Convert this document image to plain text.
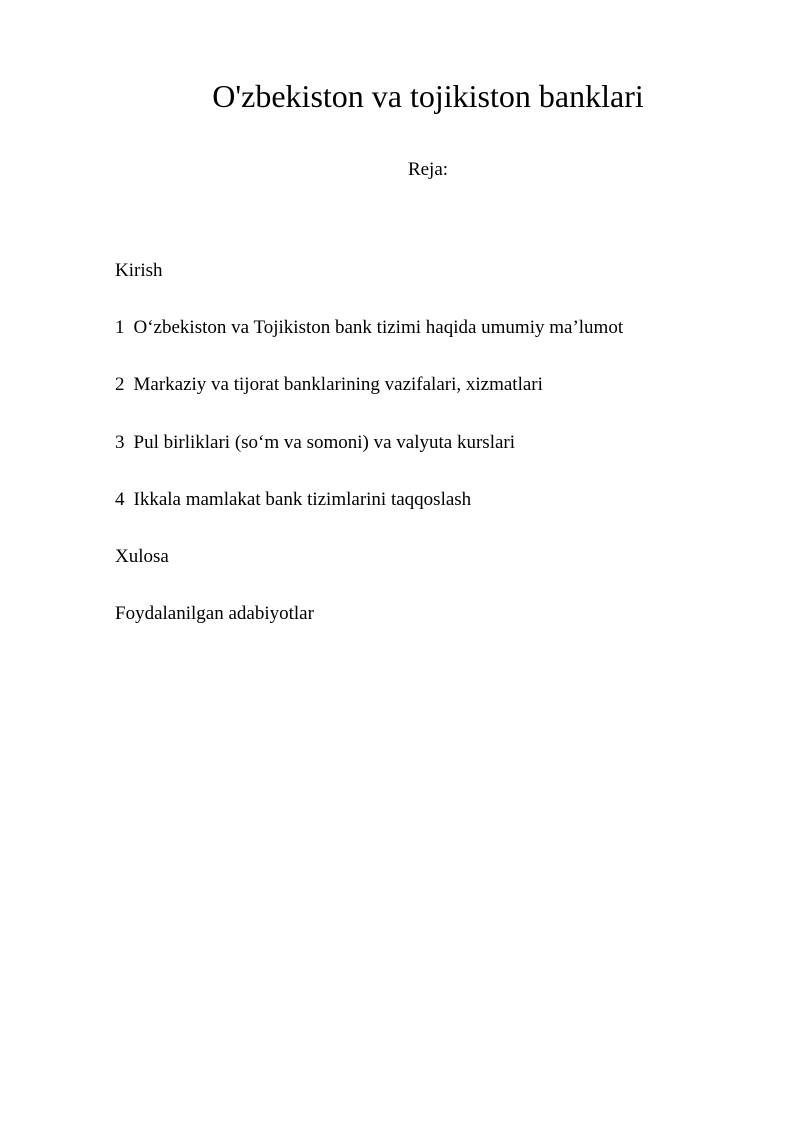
O'zbekiston va tojikiston banklari
Reja:
Kirish
1 O‘zbekiston va Tojikiston bank tizimi haqida umumiy ma’lumot
2 Markaziy va tijorat banklarining vazifalari, xizmatlari
3 Pul birliklari (so‘m va somoni) va valyuta kurslari
4 Ikkala mamlakat bank tizimlarini taqqoslash
Xulosa
Foydalanilgan adabiyotlar
